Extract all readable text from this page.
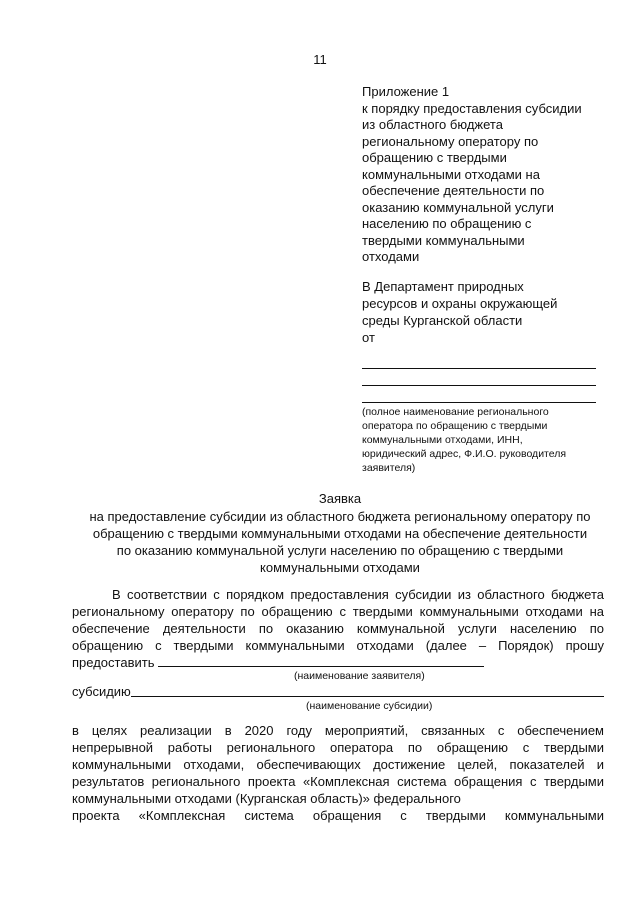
11
Приложение 1
к порядку предоставления субсидии
из областного бюджета
региональному оператору по
обращению с твердыми
коммунальными отходами на
обеспечение деятельности по
оказанию коммунальной услуги
населению по обращению с
твердыми коммунальными
отходами
В Департамент природных
ресурсов и охраны окружающей
среды Курганской области
от
(полное наименование регионального
оператора по обращению с твердыми
коммунальными отходами, ИНН,
юридический адрес, Ф.И.О. руководителя
заявителя)
Заявка
на предоставление субсидии из областного бюджета региональному оператору по
обращению с твердыми коммунальными отходами на обеспечение деятельности
по оказанию коммунальной услуги населению по обращению с твердыми
коммунальными отходами
В соответствии с порядком предоставления субсидии из областного бюджета региональному оператору по обращению с твердыми коммунальными отходами на обеспечение деятельности по оказанию коммунальной услуги населению по обращению с твердыми коммунальными отходами (далее – Порядок) прошу предоставить
(наименование заявителя)
субсидию
(наименование субсидии)
в целях реализации в 2020 году мероприятий, связанных с обеспечением непрерывной работы регионального оператора по обращению с твердыми коммунальными отходами, обеспечивающих достижение целей, показателей и результатов регионального проекта «Комплексная система обращения с твердыми коммунальными отходами (Курганская область)» федерального
проекта «Комплексная система обращения с твердыми коммунальными
